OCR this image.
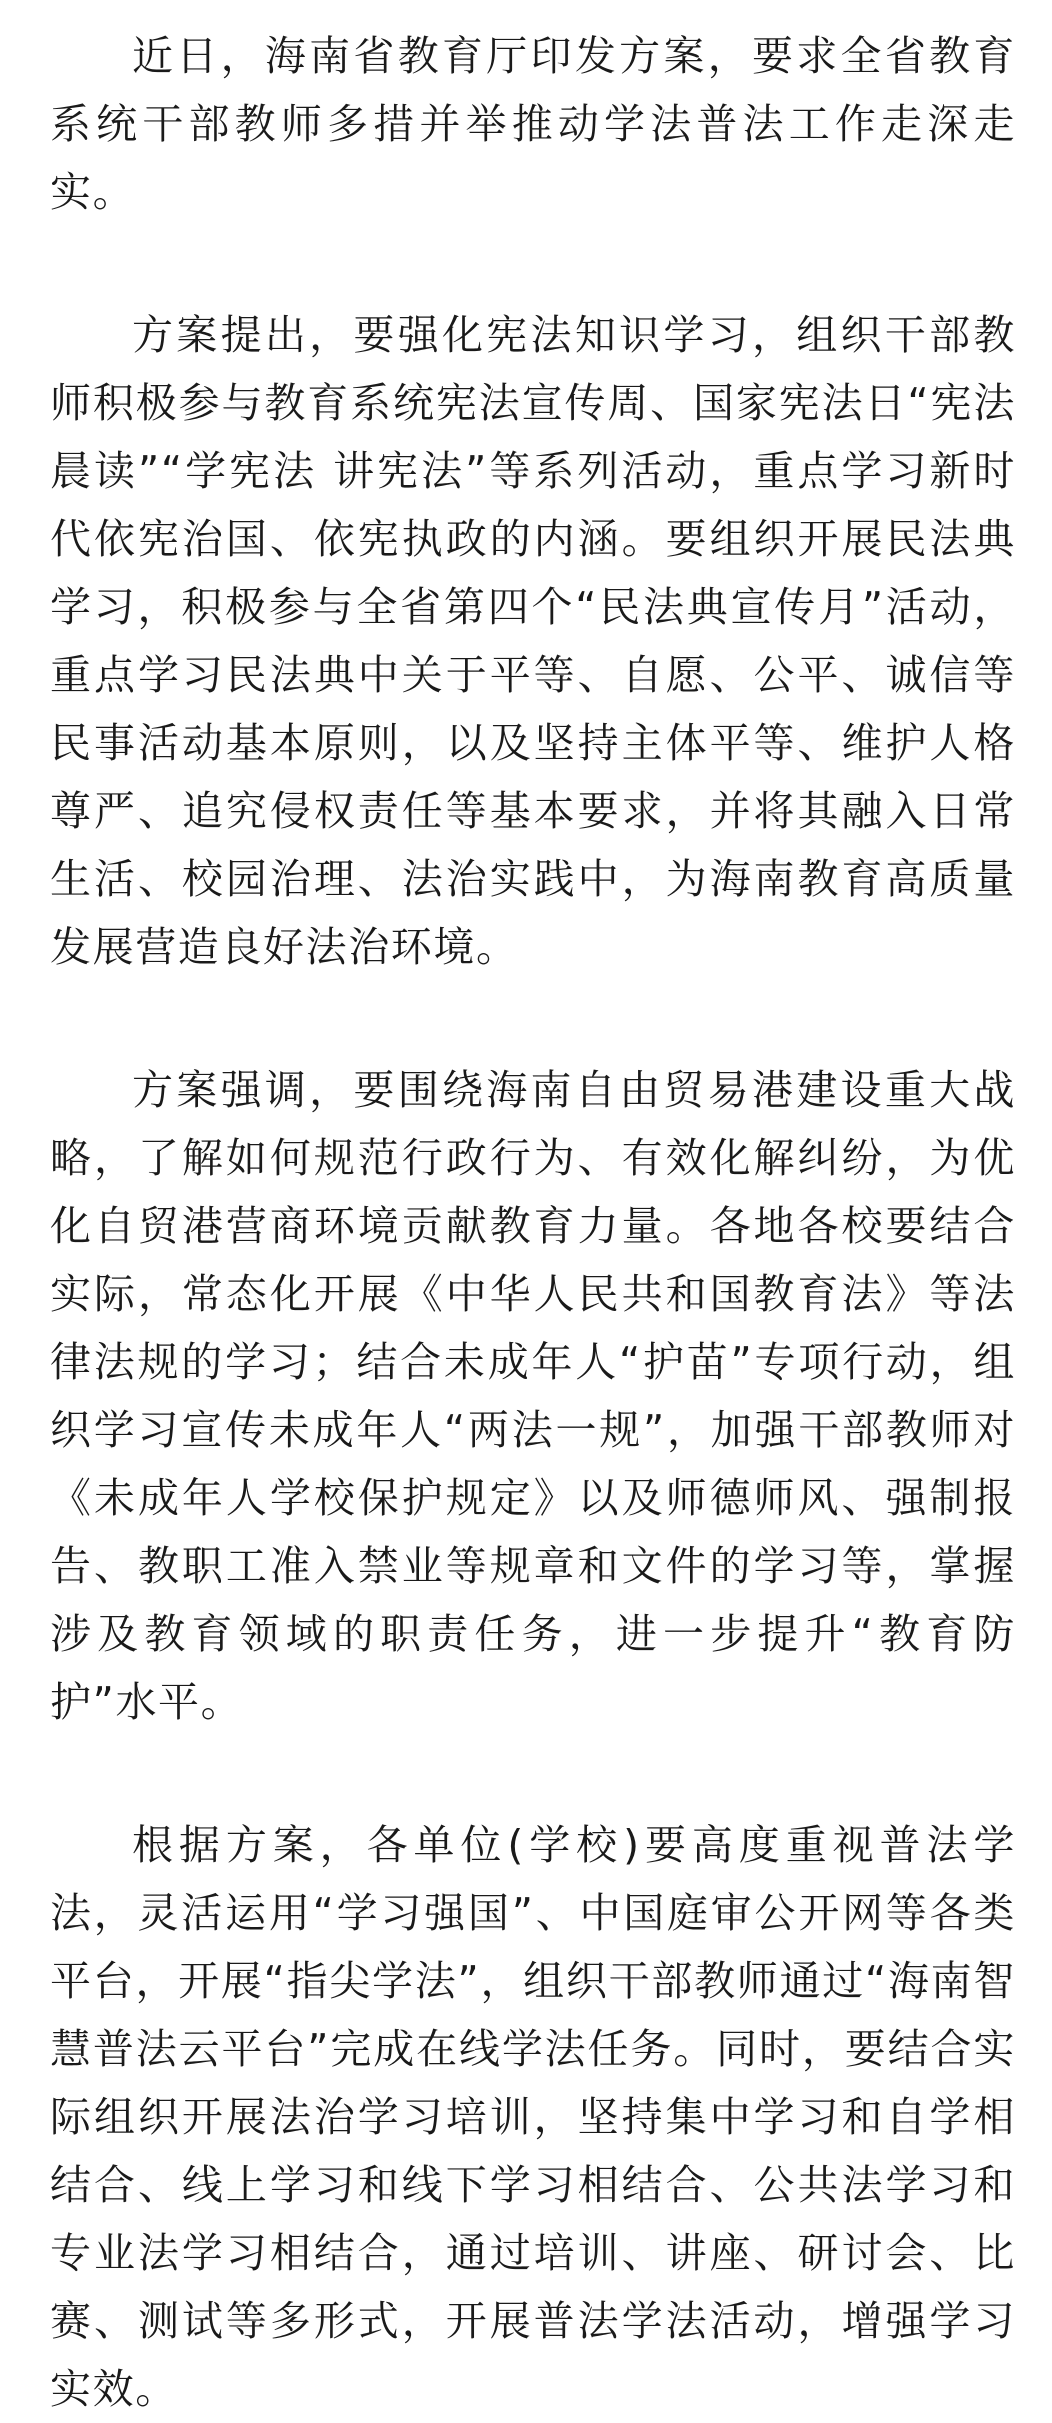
近日，海南省教育厅印发方案，要求全省教育系统干部教师多措并举推动学法普法工作走深走实。

方案提出，要强化宪法知识学习，组织干部教师积极参与教育系统宪法宣传周、国家宪法日“宪法晨读”“学宪法 讲宪法”等系列活动，重点学习新时代依宪治国、依宪执政的内涵。要组织开展民法典学习，积极参与全省第四个“民法典宣传月”活动，重点学习民法典中关于平等、自愿、公平、诚信等民事活动基本原则，以及坚持主体平等、维护人格尊严、追究侵权责任等基本要求，并将其融入日常生活、校园治理、法治实践中，为海南教育高质量发展营造良好法治环境。

方案强调，要围绕海南自由贸易港建设重大战略，了解如何规范行政行为、有效化解纠纷，为优化自贸港营商环境贡献教育力量。各地各校要结合实际，常态化开展《中华人民共和国教育法》等法律法规的学习；结合未成年人“护苗”专项行动，组织学习宣传未成年人“两法一规”，加强干部教师对《未成年人学校保护规定》以及师德师风、强制报告、教职工准入禁业等规章和文件的学习等，掌握涉及教育领域的职责任务，进一步提升“教育防护”水平。

根据方案，各单位(学校)要高度重视普法学法，灵活运用“学习强国”、中国庭审公开网等各类平台，开展“指尖学法”，组织干部教师通过“海南智慧普法云平台”完成在线学法任务。同时，要结合实际组织开展法治学习培训，坚持集中学习和自学相结合、线上学习和线下学习相结合、公共法学习和专业法学习相结合，通过培训、讲座、研讨会、比赛、测试等多形式，开展普法学法活动，增强学习实效。
